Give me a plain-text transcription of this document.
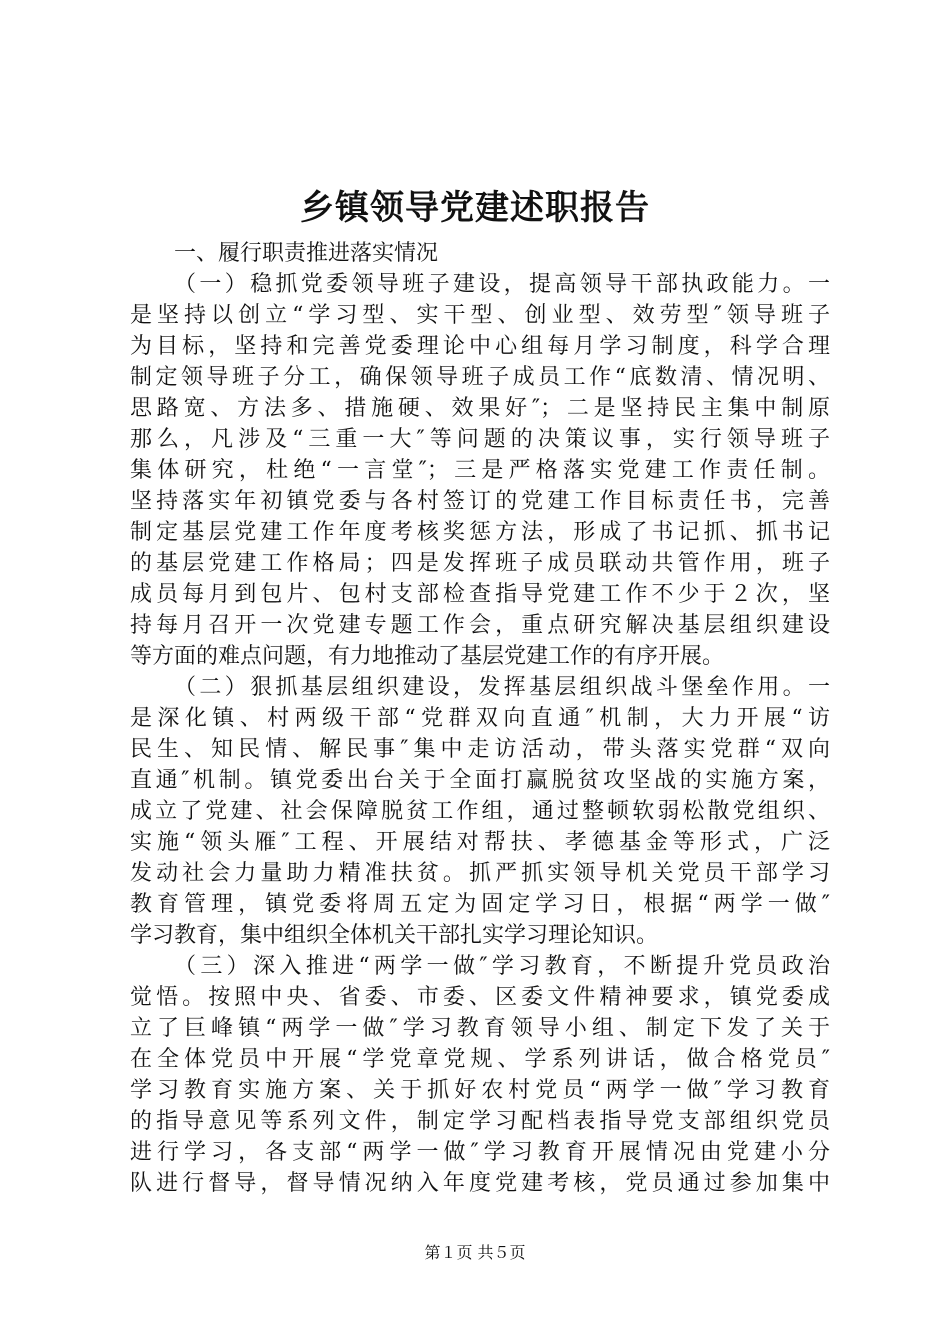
乡镇领导党建述职报告
一、履行职责推进落实情况
（一）稳抓党委领导班子建设，提高领导干部执政能力。一
是坚持以创立“学习型、实干型、创业型、效劳型″领导班子
为目标，坚持和完善党委理论中心组每月学习制度，科学合理
制定领导班子分工，确保领导班子成员工作“底数清、情况明、
思路宽、方法多、措施硬、效果好″；二是坚持民主集中制原
那么，凡涉及“三重一大″等问题的决策议事，实行领导班子
集体研究，杜绝“一言堂″；三是严格落实党建工作责任制。
坚持落实年初镇党委与各村签订的党建工作目标责任书，完善
制定基层党建工作年度考核奖惩方法，形成了书记抓、抓书记
的基层党建工作格局；四是发挥班子成员联动共管作用，班子
成员每月到包片、包村支部检查指导党建工作不少于２次，坚
持每月召开一次党建专题工作会，重点研究解决基层组织建设
等方面的难点问题，有力地推动了基层党建工作的有序开展。
（二）狠抓基层组织建设，发挥基层组织战斗堡垒作用。一
是深化镇、村两级干部“党群双向直通″机制，大力开展“访
民生、知民情、解民事″集中走访活动，带头落实党群“双向
直通″机制。镇党委出台关于全面打赢脱贫攻坚战的实施方案，
成立了党建、社会保障脱贫工作组，通过整顿软弱松散党组织、
实施“领头雁″工程、开展结对帮扶、孝德基金等形式，广泛
发动社会力量助力精准扶贫。抓严抓实领导机关党员干部学习
教育管理，镇党委将周五定为固定学习日，根据“两学一做″
学习教育，集中组织全体机关干部扎实学习理论知识。
（三）深入推进“两学一做″学习教育，不断提升党员政治
觉悟。按照中央、省委、市委、区委文件精神要求，镇党委成
立了巨峰镇“两学一做″学习教育领导小组、制定下发了关于
在全体党员中开展“学党章党规、学系列讲话，做合格党员″
学习教育实施方案、关于抓好农村党员“两学一做″学习教育
的指导意见等系列文件，制定学习配档表指导党支部组织党员
进行学习，各支部“两学一做″学习教育开展情况由党建小分
队进行督导，督导情况纳入年度党建考核，党员通过参加集中
第１页 共５页
